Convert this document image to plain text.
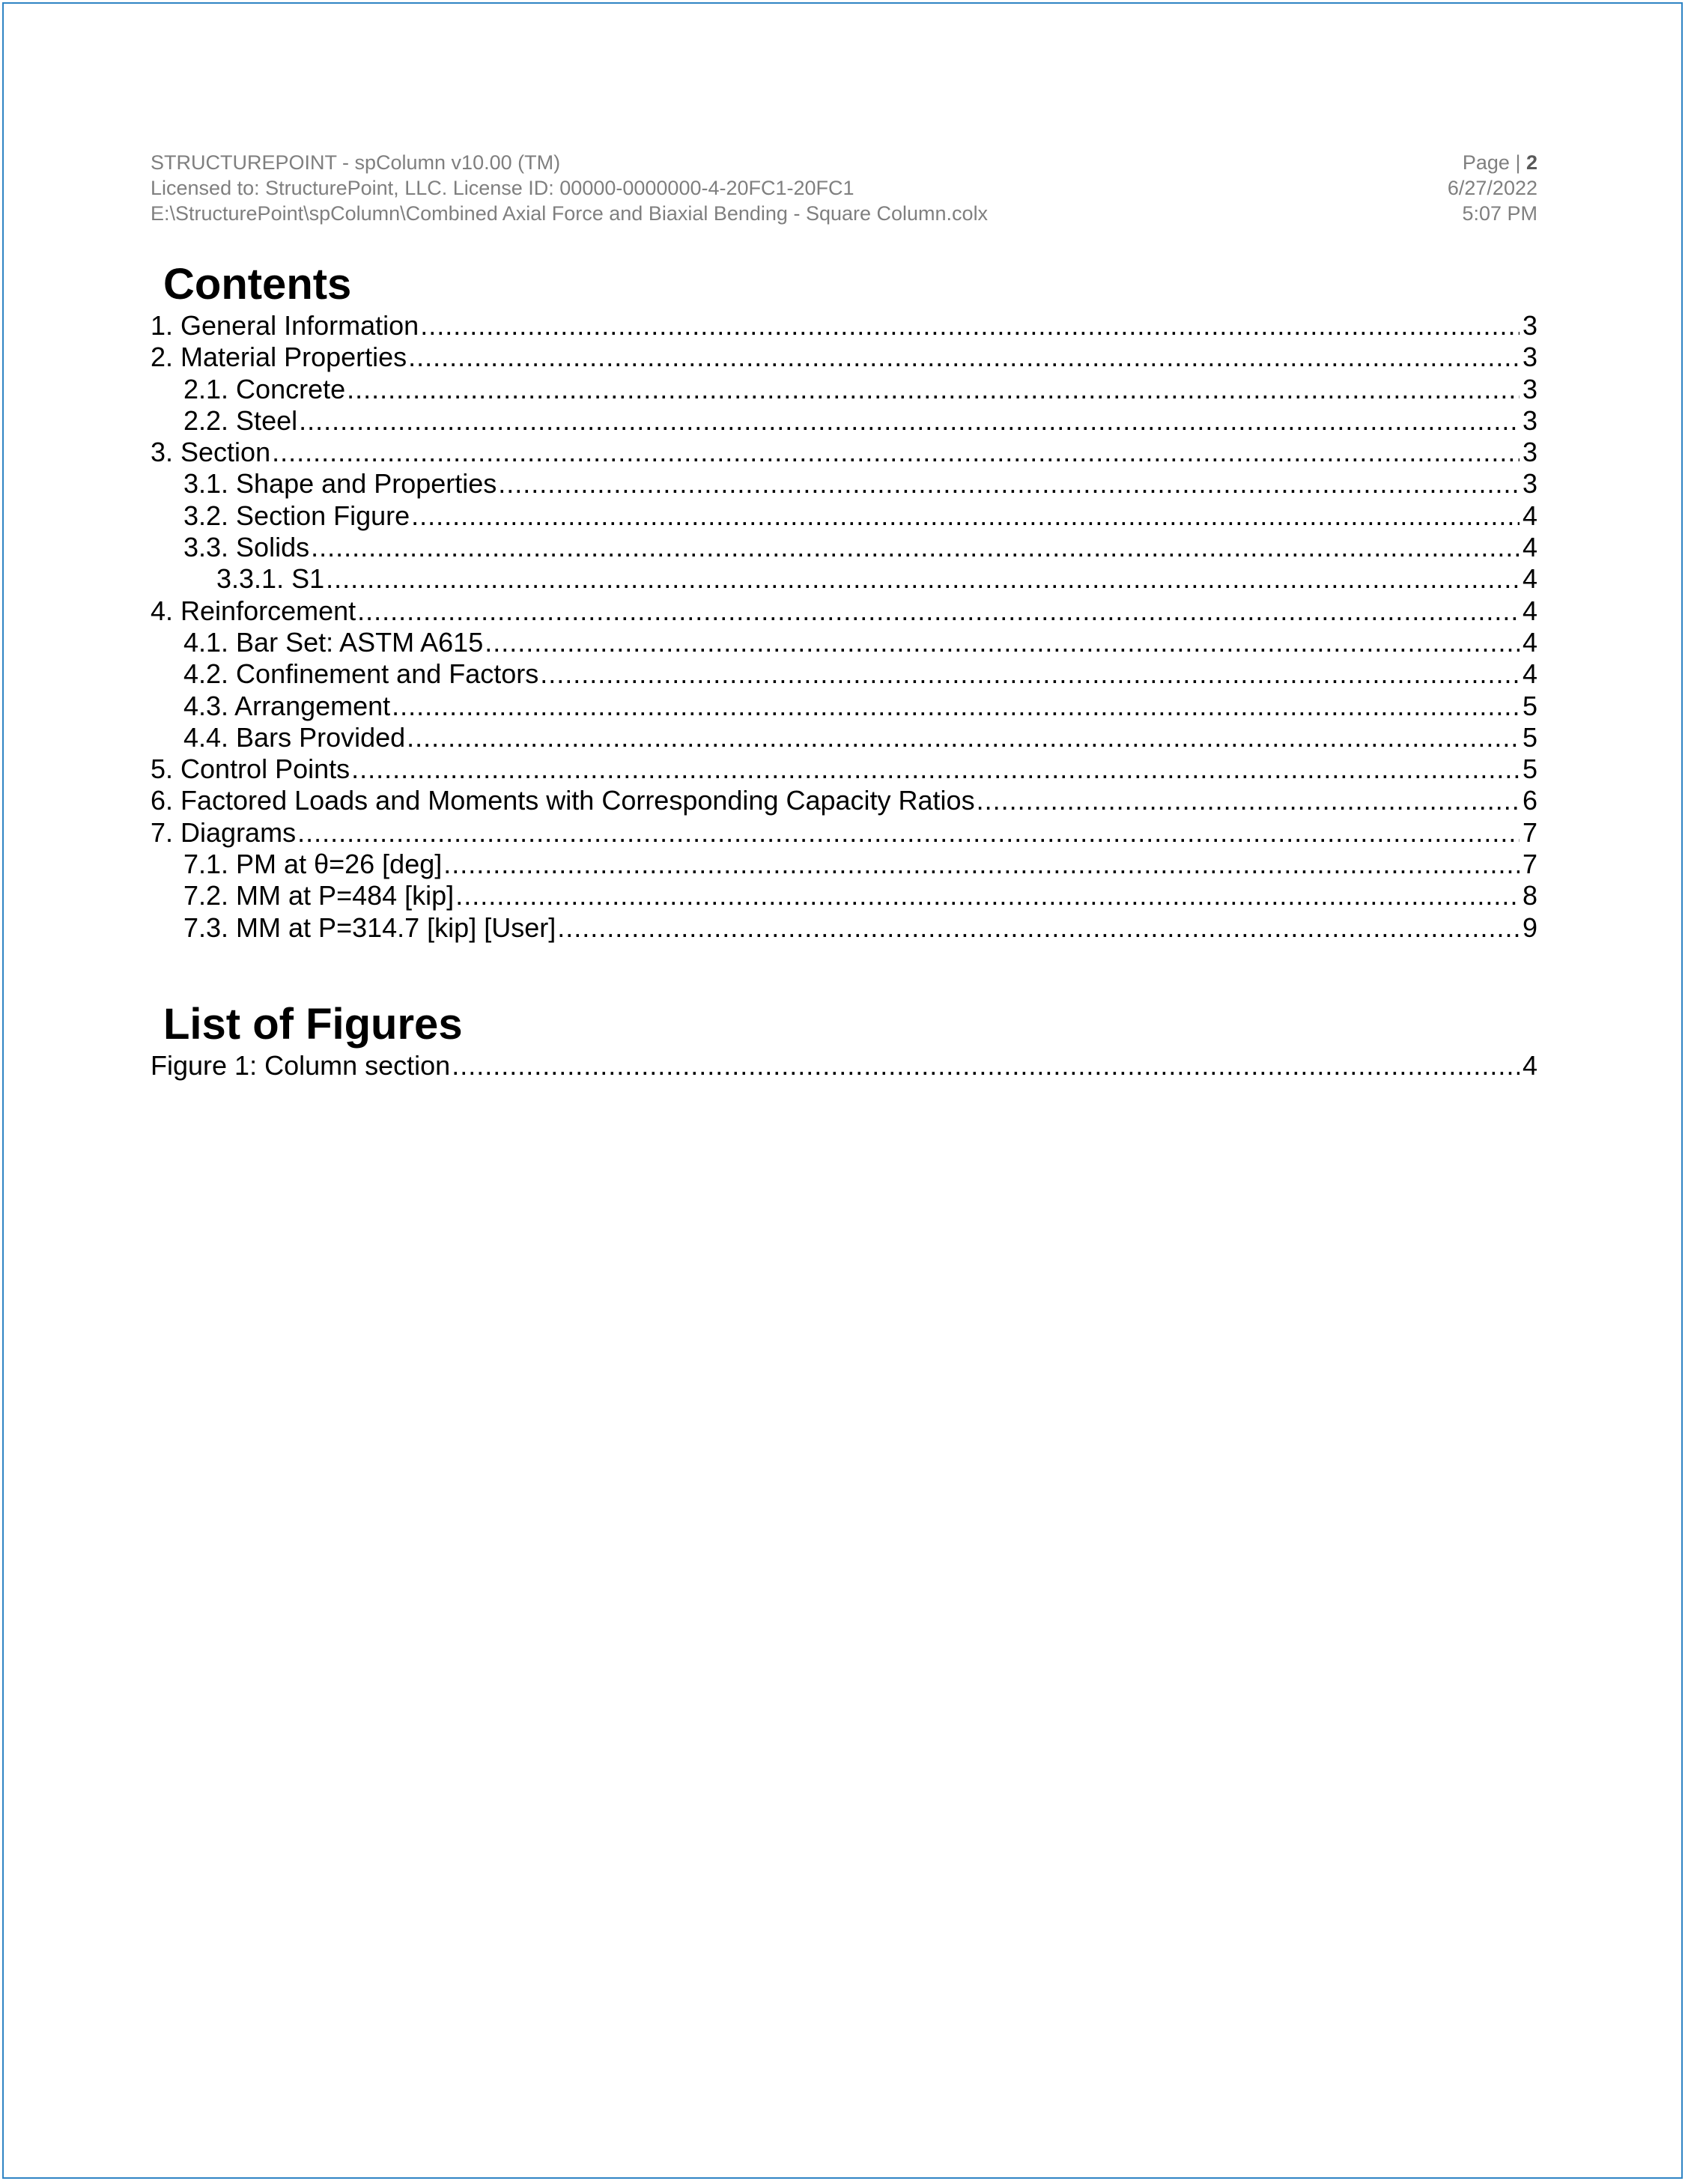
STRUCTUREPOINT - spColumn v10.00 (TM)
Licensed to: StructurePoint, LLC. License ID: 00000-0000000-4-20FC1-20FC1
E:\StructurePoint\spColumn\Combined Axial Force and Biaxial Bending - Square Column.colx
Page | 2
6/27/2022
5:07 PM
Contents
1. General Information .....	3
2. Material Properties .....	3
2.1. Concrete .....	3
2.2. Steel .....	3
3. Section .....	3
3.1. Shape and Properties .....	3
3.2. Section Figure .....	4
3.3. Solids .....	4
3.3.1. S1 .....	4
4. Reinforcement .....	4
4.1. Bar Set: ASTM A615 .....	4
4.2. Confinement and Factors .....	4
4.3. Arrangement .....	5
4.4. Bars Provided .....	5
5. Control Points .....	5
6. Factored Loads and Moments with Corresponding Capacity Ratios .....	6
7. Diagrams .....	7
7.1. PM at θ=26 [deg] .....	7
7.2. MM at P=484 [kip] .....	8
7.3. MM at P=314.7 [kip] [User] .....	9
List of Figures
Figure 1: Column section .....	4
